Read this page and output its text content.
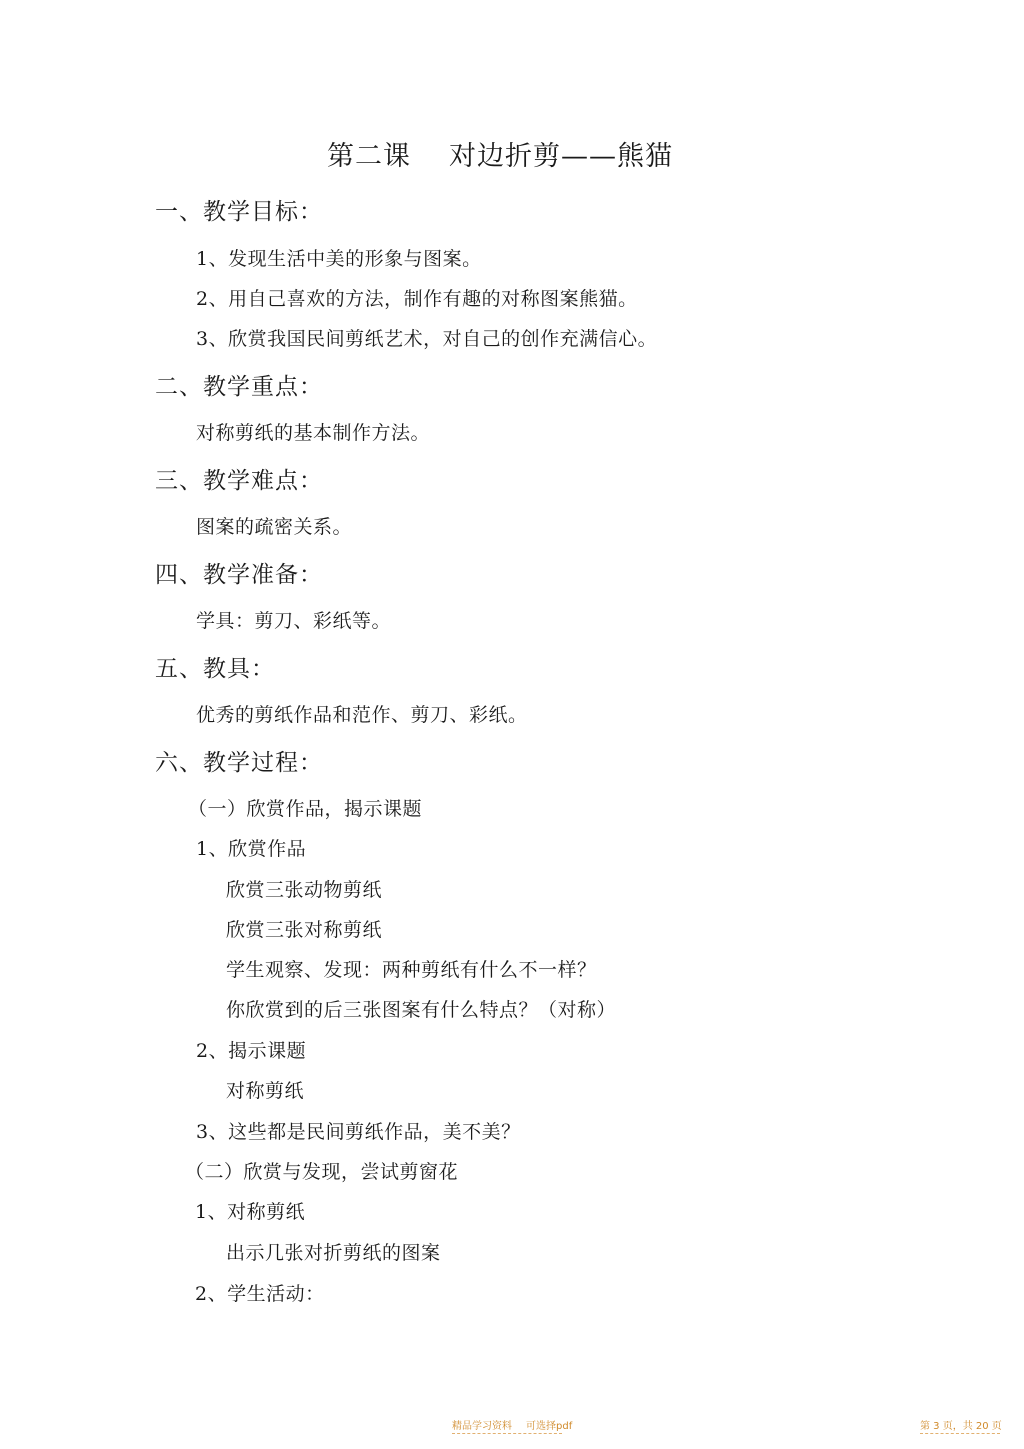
第二课 对边折剪——熊猫
一、教学目标：
1、发现生活中美的形象与图案。
2、用自己喜欢的方法，制作有趣的对称图案熊猫。
3、欣赏我国民间剪纸艺术，对自己的创作充满信心。
二、教学重点：
对称剪纸的基本制作方法。
三、教学难点：
图案的疏密关系。
四、教学准备：
学具：剪刀、彩纸等。
五、教具：
优秀的剪纸作品和范作、剪刀、彩纸。
六、教学过程：
（一）欣赏作品，揭示课题
1、欣赏作品
欣赏三张动物剪纸
欣赏三张对称剪纸
学生观察、发现：两种剪纸有什么不一样？
你欣赏到的后三张图案有什么特点？（对称）
2、揭示课题
对称剪纸
3、这些都是民间剪纸作品，美不美？
（二）欣赏与发现，尝试剪窗花
1、对称剪纸
出示几张对折剪纸的图案
2、学生活动：
精品学习资料 可选择pdf	第 3 页，共 20 页
